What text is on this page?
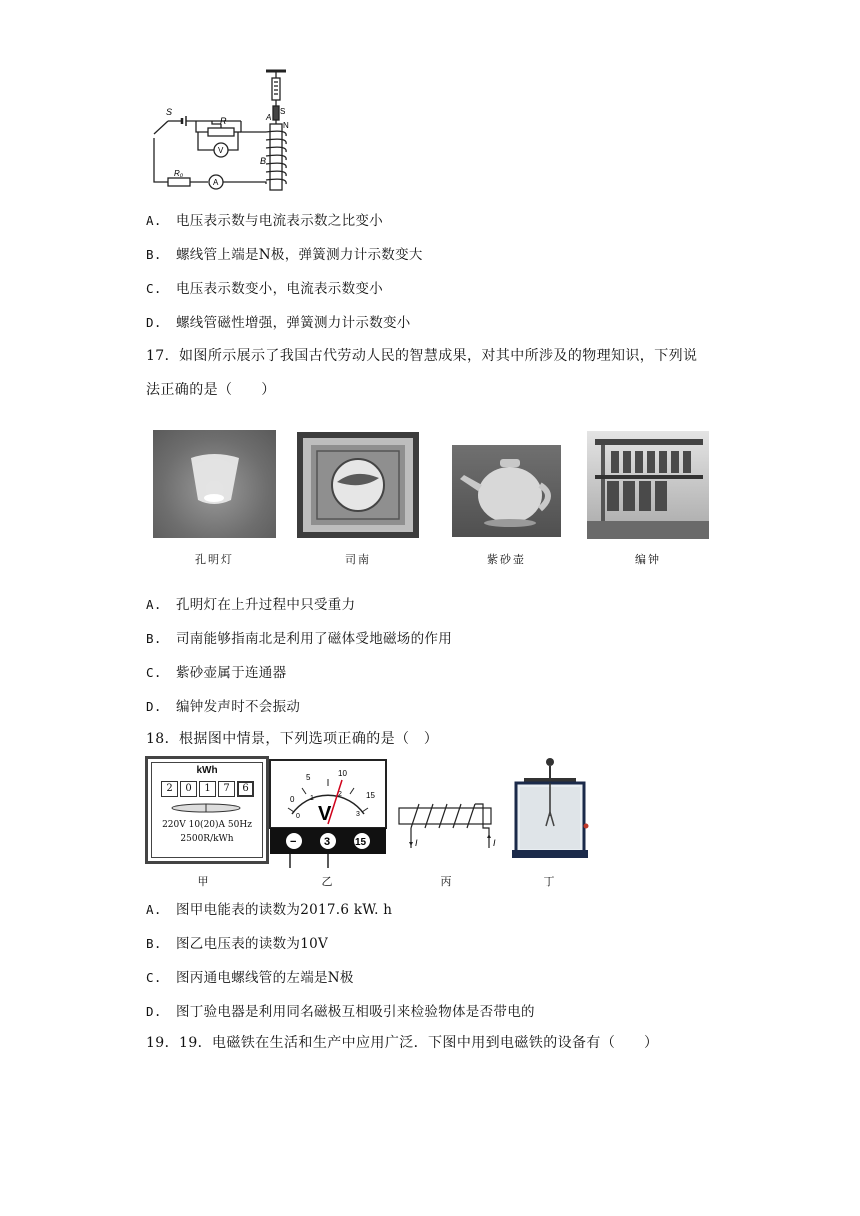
S
R
V
A
R₀
B
A
N
S
A. 电压表示数与电流表示数之比变小
B. 螺线管上端是N极，弹簧测力计示数变大
C. 电压表示数变小，电流表示数变小
D. 螺线管磁性增强，弹簧测力计示数变小
17．如图所示展示了我国古代劳动人民的智慧成果，对其中所涉及的物理知识，下列说
法正确的是（　　）
孔明灯	司南	紫砂壶	编钟
A. 孔明灯在上升过程中只受重力
B. 司南能够指南北是利用了磁体受地磁场的作用
C. 紫砂壶属于连通器
D. 编钟发声时不会振动
18．根据图中情景，下列选项正确的是（　）
kWh
2	0	1	7	6
220V 10(20)A 50Hz
2500R/kWh
0
5	10
15
0
1
2
3
V
−	3 15	I	I
甲	乙	丙	丁
A. 图甲电能表的读数为2017.6 kW. h
B. 图乙电压表的读数为10V
C. 图丙通电螺线管的左端是N极
D. 图丁验电器是利用同名磁极互相吸引来检验物体是否带电的
19．19．电磁铁在生活和生产中应用广泛．下图中用到电磁铁的设备有（　　）
